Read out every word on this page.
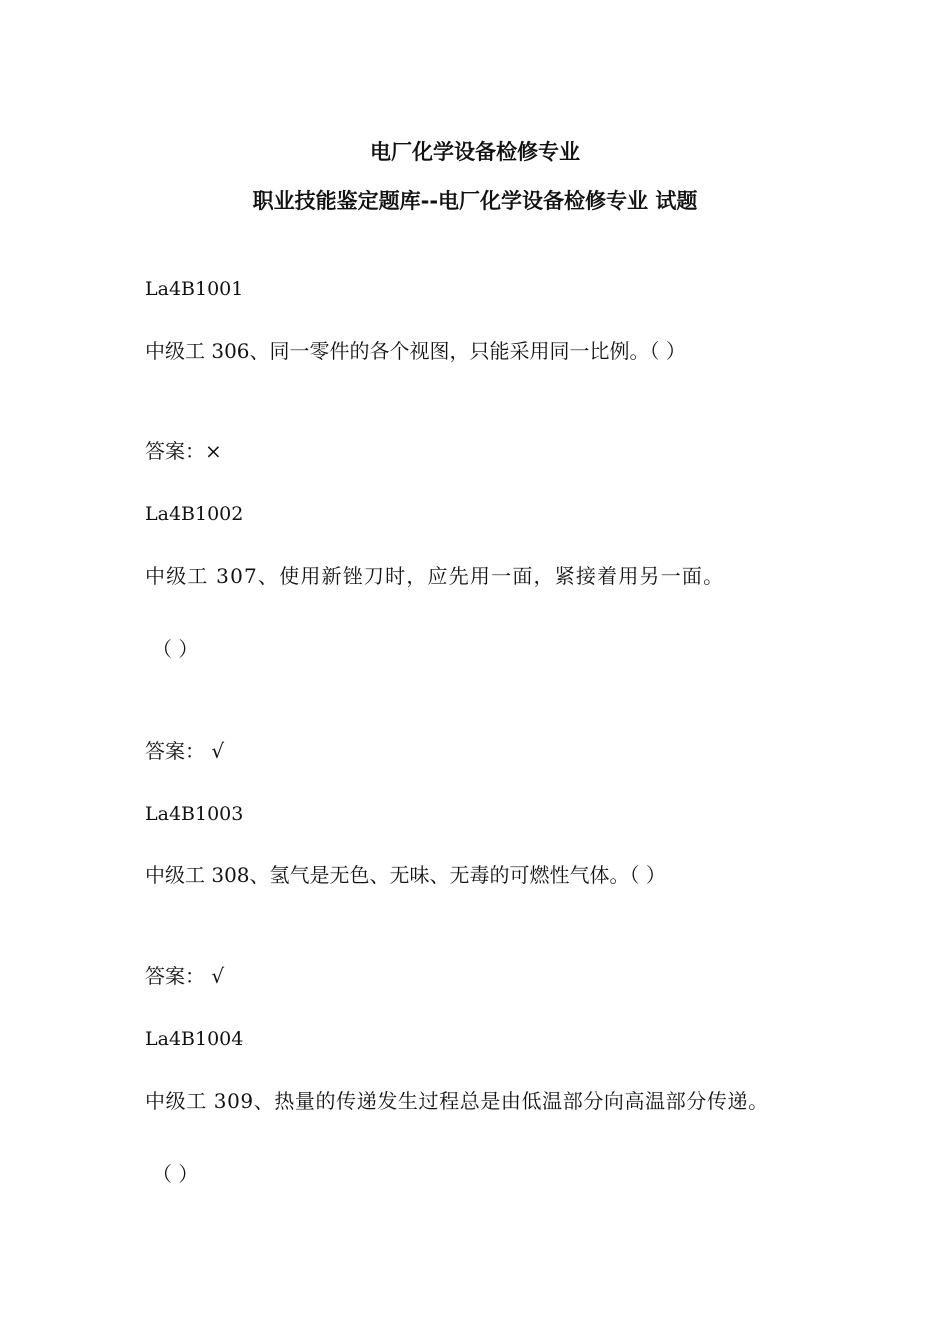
电厂化学设备检修专业
职业技能鉴定题库--电厂化学设备检修专业 试题
La4B1001
中级工 306、同一零件的各个视图，只能采用同一比例。（ ）
答案：×
La4B1002
中级工 307、使用新锉刀时，应先用一面，紧接着用另一面。
（ ）
答案： √
La4B1003
中级工 308、氢气是无色、无味、无毒的可燃性气体。（ ）
答案： √
La4B1004
中级工 309、热量的传递发生过程总是由低温部分向高温部分传递。
（ ）
